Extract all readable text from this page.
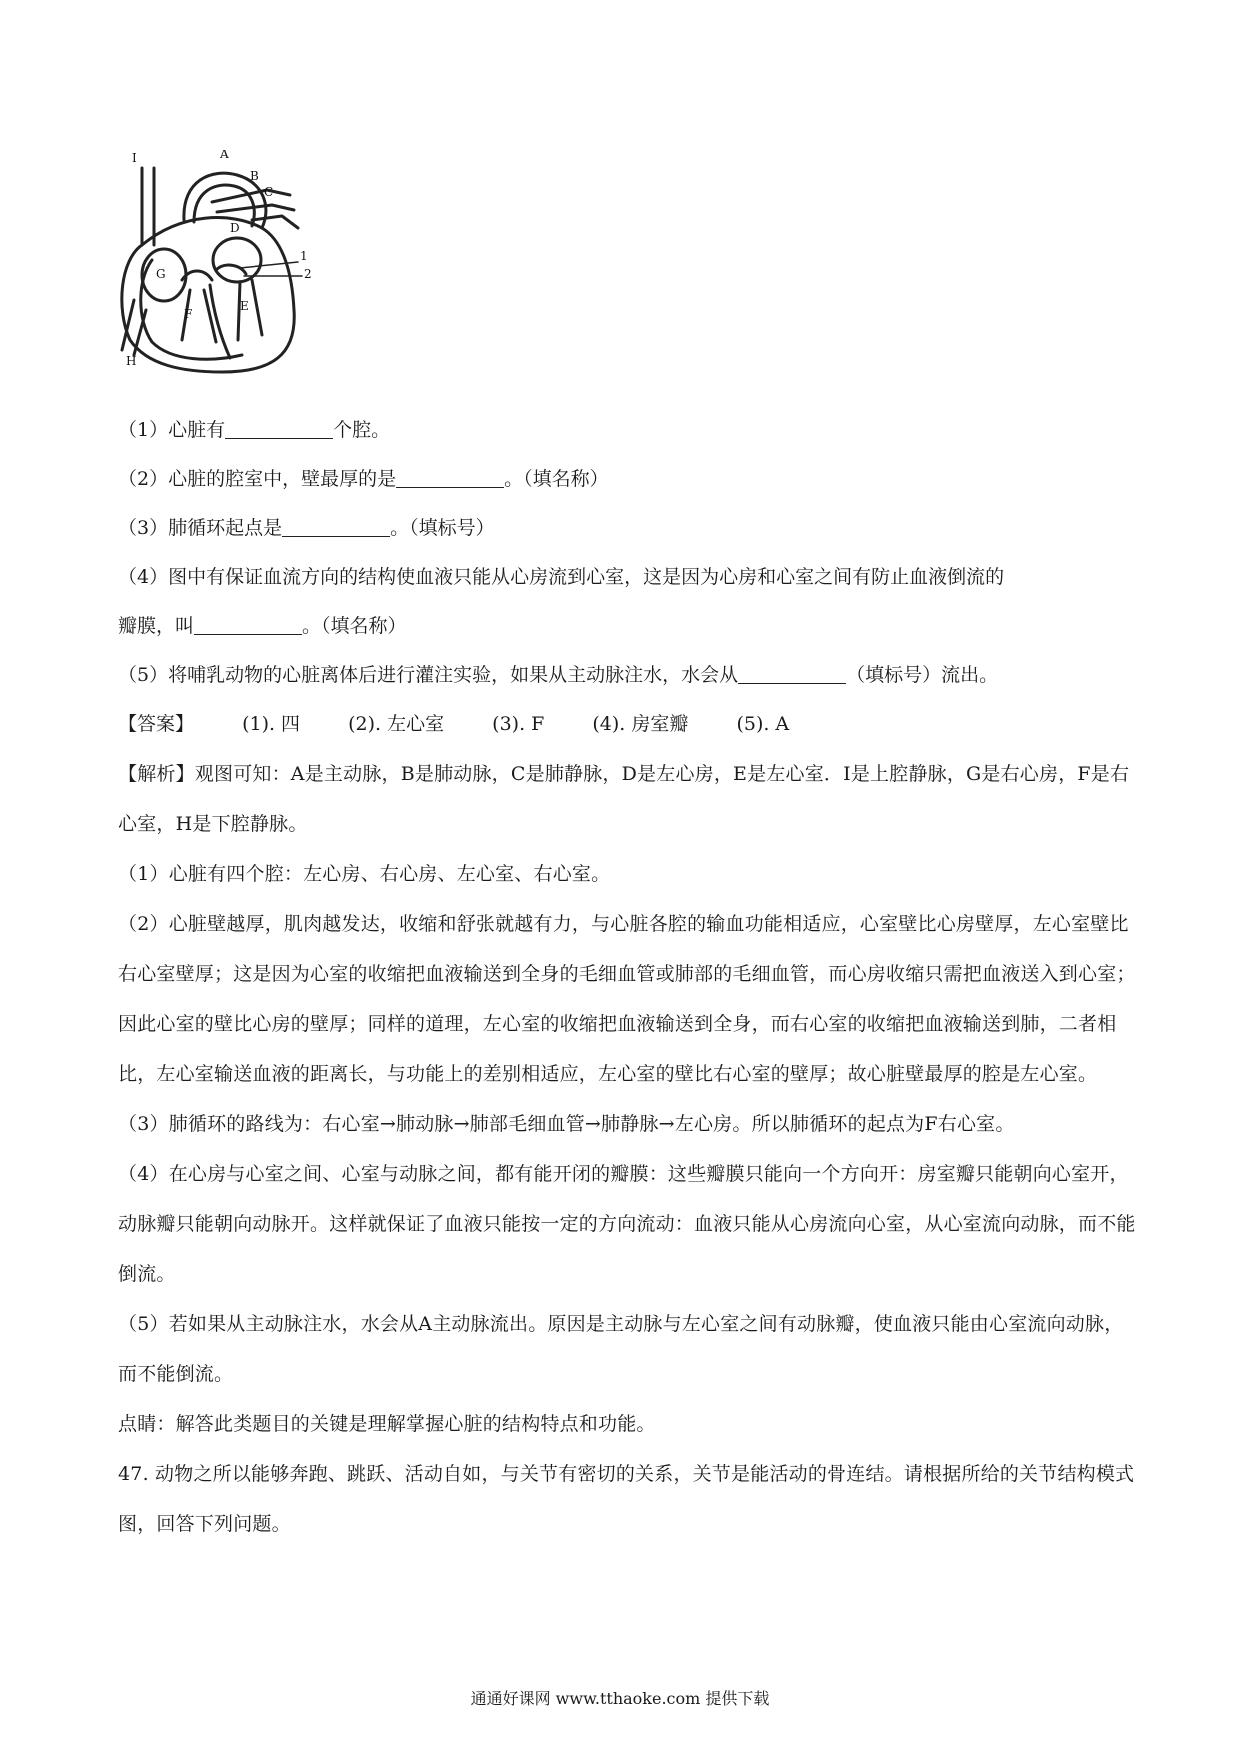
I	A
B
C
D
1
2
G
F
E
H
（1）心脏有	个腔。
（2）心脏的腔室中，壁最厚的是	。（填名称）
（3）肺循环起点是	。（填标号）
（4）图中有保证血流方向的结构使血液只能从心房流到心室，这是因为心房和心室之间有防止血液倒流的
瓣膜，叫	。（填名称）
（5）将哺乳动物的心脏离体后进行灌注实验，如果从主动脉注水，水会从	（填标号）流出。
【答案】	(1). 四	(2). 左心室	(3). F	(4). 房室瓣	(5). A

【解析】观图可知：A是主动脉，B是肺动脉，C是肺静脉，D是左心房，E是左心室．I是上腔静脉，G是右心房，F是右心室，H是下腔静脉。

（1）心脏有四个腔：左心房、右心房、左心室、右心室。

（2）心脏壁越厚，肌肉越发达，收缩和舒张就越有力，与心脏各腔的输血功能相适应，心室壁比心房壁厚，左心室壁比右心室壁厚；这是因为心室的收缩把血液输送到全身的毛细血管或肺部的毛细血管，而心房收缩只需把血液送入到心室；因此心室的壁比心房的壁厚；同样的道理，左心室的收缩把血液输送到全身，而右心室的收缩把血液输送到肺，二者相比，左心室输送血液的距离长，与功能上的差别相适应，左心室的壁比右心室的壁厚；故心脏壁最厚的腔是左心室。

（3）肺循环的路线为：右心室→肺动脉→肺部毛细血管→肺静脉→左心房。所以肺循环的起点为F右心室。

（4）在心房与心室之间、心室与动脉之间，都有能开闭的瓣膜：这些瓣膜只能向一个方向开：房室瓣只能朝向心室开，动脉瓣只能朝向动脉开。这样就保证了血液只能按一定的方向流动：血液只能从心房流向心室，从心室流向动脉，而不能倒流。

（5）若如果从主动脉注水，水会从A主动脉流出。原因是主动脉与左心室之间有动脉瓣，使血液只能由心室流向动脉，而不能倒流。

点睛：解答此类题目的关键是理解掌握心脏的结构特点和功能。

47. 动物之所以能够奔跑、跳跃、活动自如，与关节有密切的关系，关节是能活动的骨连结。请根据所给的关节结构模式图，回答下列问题。

通通好课网 www.tthaoke.com 提供下载
